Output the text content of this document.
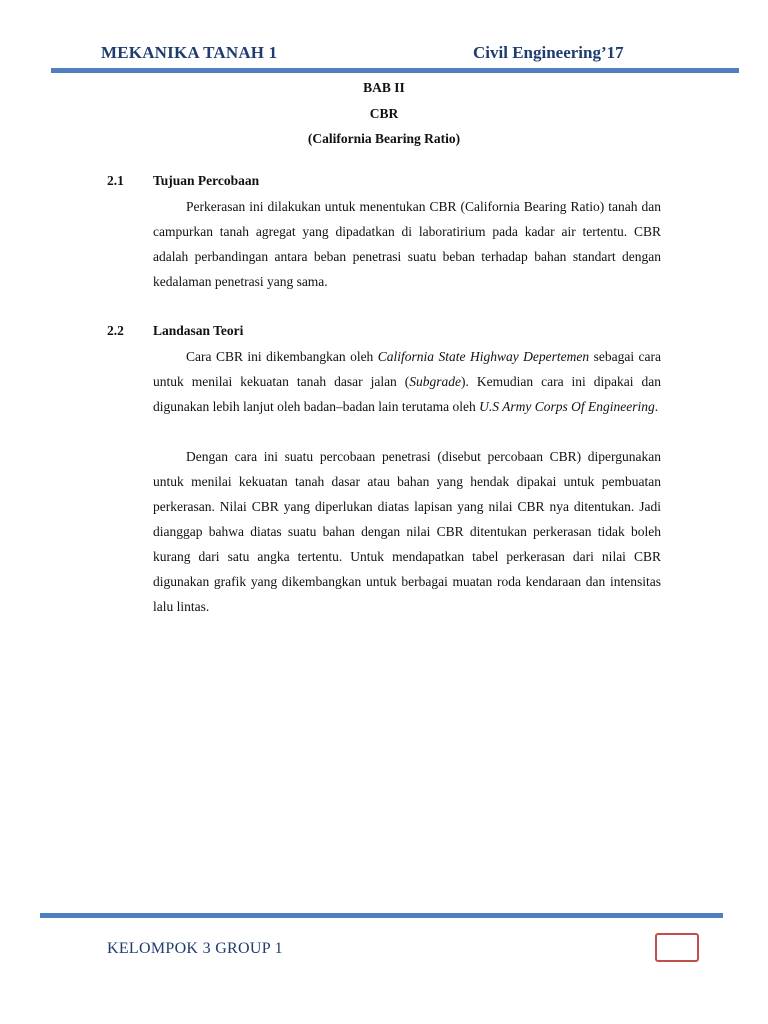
MEKANIKA TANAH 1	Civil Engineering’17
BAB II
CBR
(California Bearing Ratio)
2.1 Tujuan Percobaan

Perkerasan ini dilakukan untuk menentukan CBR (California Bearing Ratio) tanah dan campurkan tanah agregat yang dipadatkan di laboratirium pada kadar air tertentu. CBR adalah perbandingan antara beban penetrasi suatu beban terhadap bahan standart dengan kedalaman penetrasi yang sama.

2.2 Landasan Teori

Cara CBR ini dikembangkan oleh California State Highway Depertemen sebagai cara untuk menilai kekuatan tanah dasar jalan (Subgrade). Kemudian cara ini dipakai dan digunakan lebih lanjut oleh badan–badan lain terutama oleh U.S Army Corps Of Engineering.

Dengan cara ini suatu percobaan penetrasi (disebut percobaan CBR) dipergunakan untuk menilai kekuatan tanah dasar atau bahan yang hendak dipakai untuk pembuatan perkerasan. Nilai CBR yang diperlukan diatas lapisan yang nilai CBR nya ditentukan. Jadi dianggap bahwa diatas suatu bahan dengan nilai CBR ditentukan perkerasan tidak boleh kurang dari satu angka tertentu. Untuk mendapatkan tabel perkerasan dari nilai CBR digunakan grafik yang dikembangkan untuk berbagai muatan roda kendaraan dan intensitas lalu lintas.

KELOMPOK 3 GROUP 1
